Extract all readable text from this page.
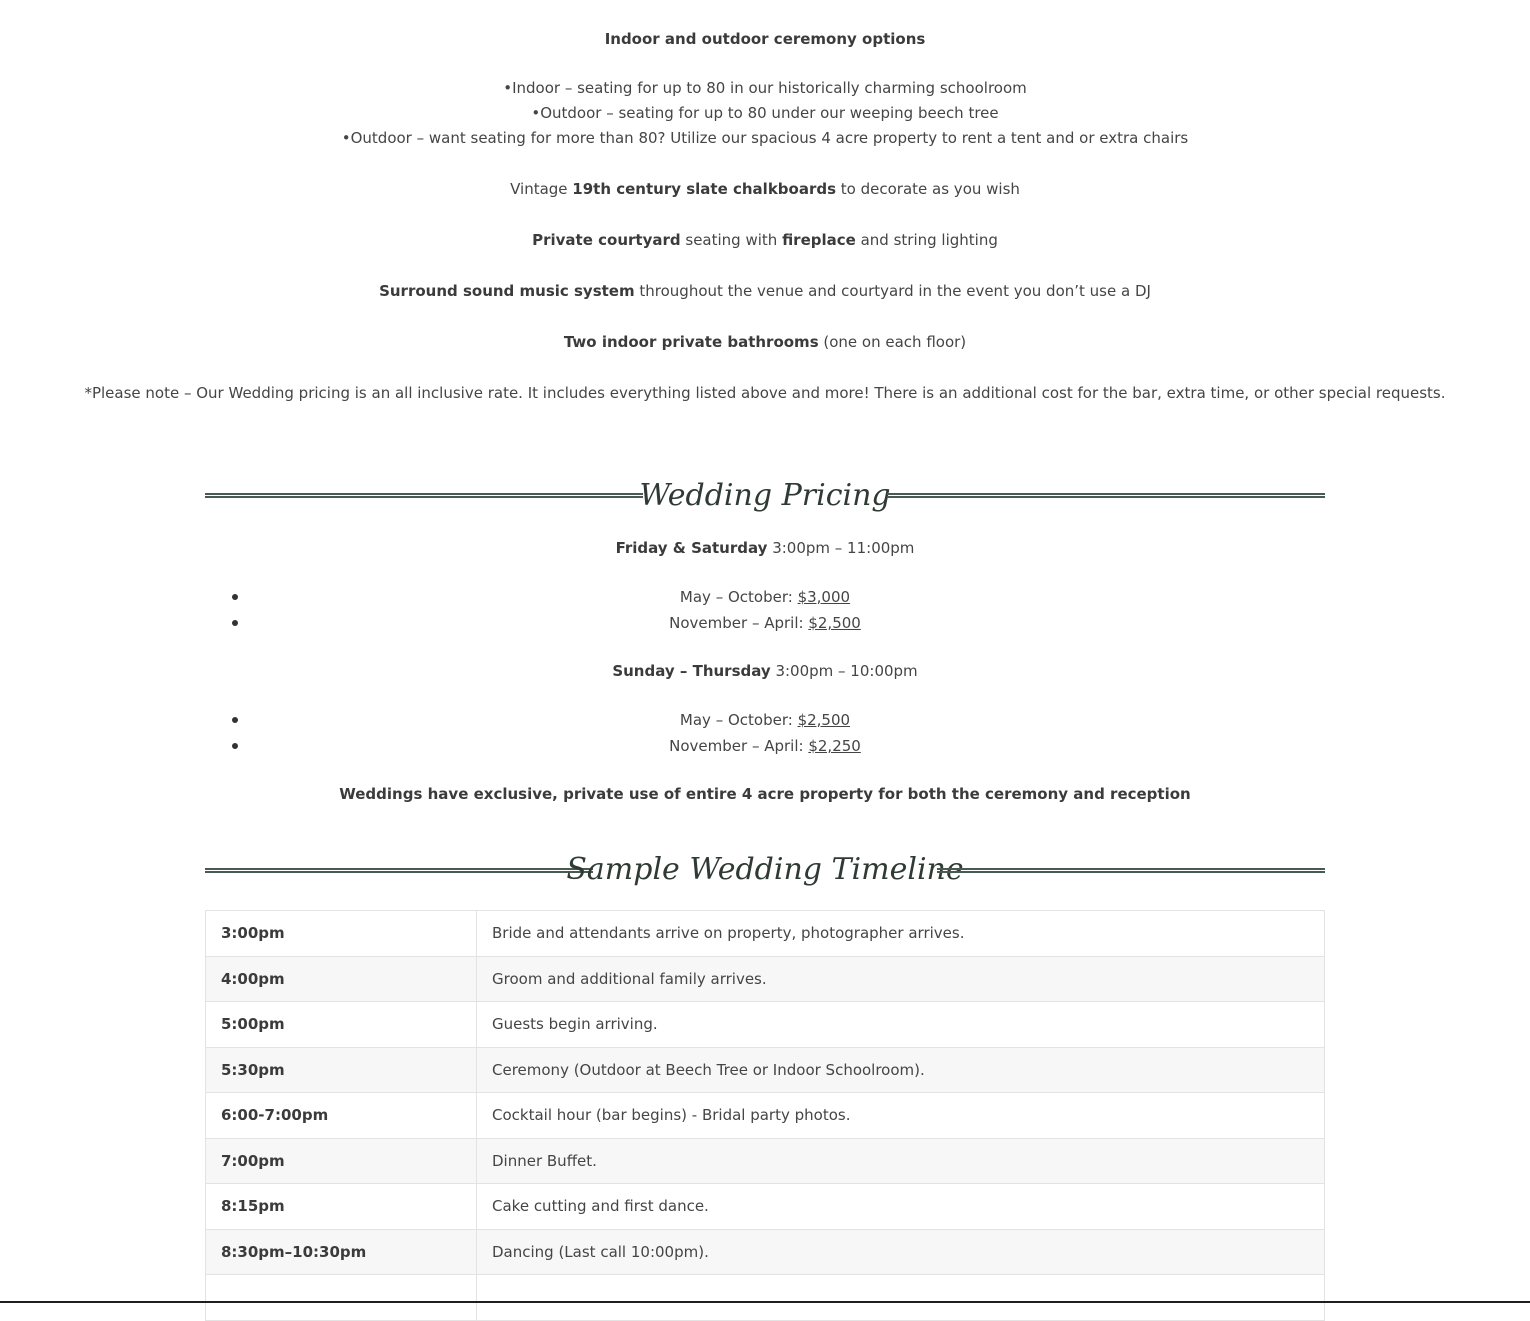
Indoor and outdoor ceremony options
•Indoor – seating for up to 80 in our historically charming schoolroom
•Outdoor – seating for up to 80 under our weeping beech tree
•Outdoor – want seating for more than 80? Utilize our spacious 4 acre property to rent a tent and or extra chairs
Vintage 19th century slate chalkboards to decorate as you wish
Private courtyard seating with fireplace and string lighting
Surround sound music system throughout the venue and courtyard in the event you don’t use a DJ
Two indoor private bathrooms (one on each floor)
*Please note – Our Wedding pricing is an all inclusive rate. It includes everything listed above and more! There is an additional cost for the bar, extra time, or other special requests.
Wedding Pricing
Friday & Saturday 3:00pm – 11:00pm
May – October: $3,000
November – April: $2,500
Sunday – Thursday 3:00pm – 10:00pm
May – October: $2,500
November – April: $2,250
Weddings have exclusive, private use of entire 4 acre property for both the ceremony and reception
Sample Wedding Timeline
3:00pm	Bride and attendants arrive on property, photographer arrives.
4:00pm	Groom and additional family arrives.
5:00pm	Guests begin arriving.
5:30pm	Ceremony (Outdoor at Beech Tree or Indoor Schoolroom).
6:00-7:00pm	Cocktail hour (bar begins) - Bridal party photos.
7:00pm	Dinner Buffet.
8:15pm	Cake cutting and first dance.
8:30pm–10:30pm	Dancing (Last call 10:00pm).
